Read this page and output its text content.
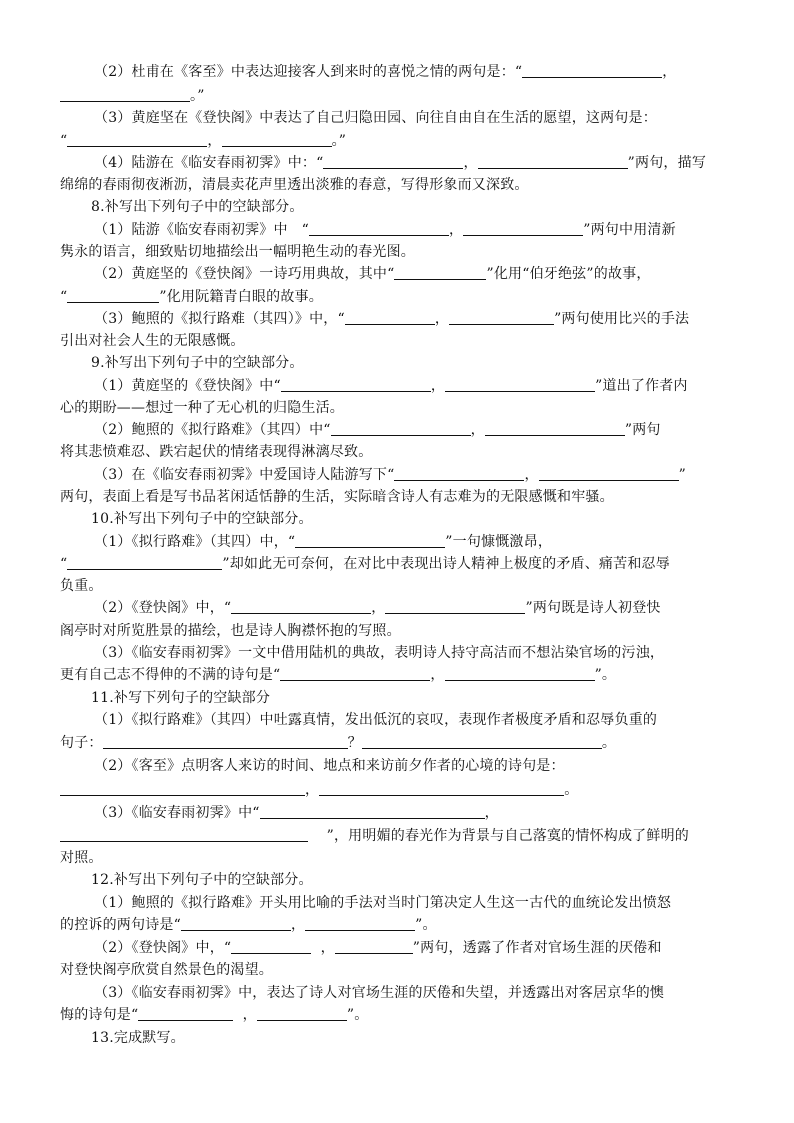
（2）杜甫在《客至》中表达迎接客人到来时的喜悦之情的两句是：“	，
。”
（3）黄庭坚在《登快阁》中表达了自己归隐田园、向往自由自在生活的愿望，这两句是：
“	，	。”
（4）陆游在《临安春雨初霁》中：“	，	”两句，描写
绵绵的春雨彻夜淅沥，清晨卖花声里透出淡雅的春意，写得形象而又深致。
8.补写出下列句子中的空缺部分。
（1）陆游《临安春雨初霁》中   “	，	”两句中用清新
隽永的语言，细致贴切地描绘出一幅明艳生动的春光图。
（2）黄庭坚的《登快阁》一诗巧用典故，其中“	”化用“伯牙绝弦”的故事，
“	”化用阮籍青白眼的故事。
（3）鲍照的《拟行路难（其四）》中，“	，	”两句使用比兴的手法
引出对社会人生的无限感慨。
9.补写出下列句子中的空缺部分。
（1）黄庭坚的《登快阁》中“	，	”道出了作者内
心的期盼——想过一种了无心机的归隐生活。
（2）鲍照的《拟行路难》（其四）中“	，	”两句
将其悲愤难忍、跌宕起伏的情绪表现得淋漓尽致。
（3）在《临安春雨初霁》中爱国诗人陆游写下“	，	”
两句，表面上看是写书品茗闲适恬静的生活，实际暗含诗人有志难为的无限感慨和牢骚。
10.补写出下列句子中的空缺部分。
（1）《拟行路难》（其四）中，“	”一句慷慨激昂，
“	”却如此无可奈何，在对比中表现出诗人精神上极度的矛盾、痛苦和忍辱
负重。
（2）《登快阁》中，“	，	”两句既是诗人初登快
阁亭时对所览胜景的描绘，也是诗人胸襟怀抱的写照。
（3）《临安春雨初霁》一文中借用陆机的典故，表明诗人持守高洁而不想沾染官场的污浊，
更有自己志不得伸的不满的诗句是“	，	”。
11.补写下列句子的空缺部分
（1）《拟行路难》（其四）中吐露真情，发出低沉的哀叹，表现作者极度矛盾和忍辱负重的
句子：	？	。
（2）《客至》点明客人来访的时间、地点和来访前夕作者的心境的诗句是：
，	。
（3）《临安春雨初霁》中“	，
”，用明媚的春光作为背景与自己落寞的情怀构成了鲜明的
对照。
12.补写出下列句子中的空缺部分。
（1）鲍照的《拟行路难》开头用比喻的手法对当时门第决定人生这一古代的血统论发出愤怒
的控诉的两句诗是“	，	”。
（2）《登快阁》中，“	，	”两句，透露了作者对官场生涯的厌倦和
对登快阁亭欣赏自然景色的渴望。
（3）《临安春雨初霁》中，表达了诗人对官场生涯的厌倦和失望，并透露出对客居京华的懊
悔的诗句是“	，	”。
13.完成默写。
